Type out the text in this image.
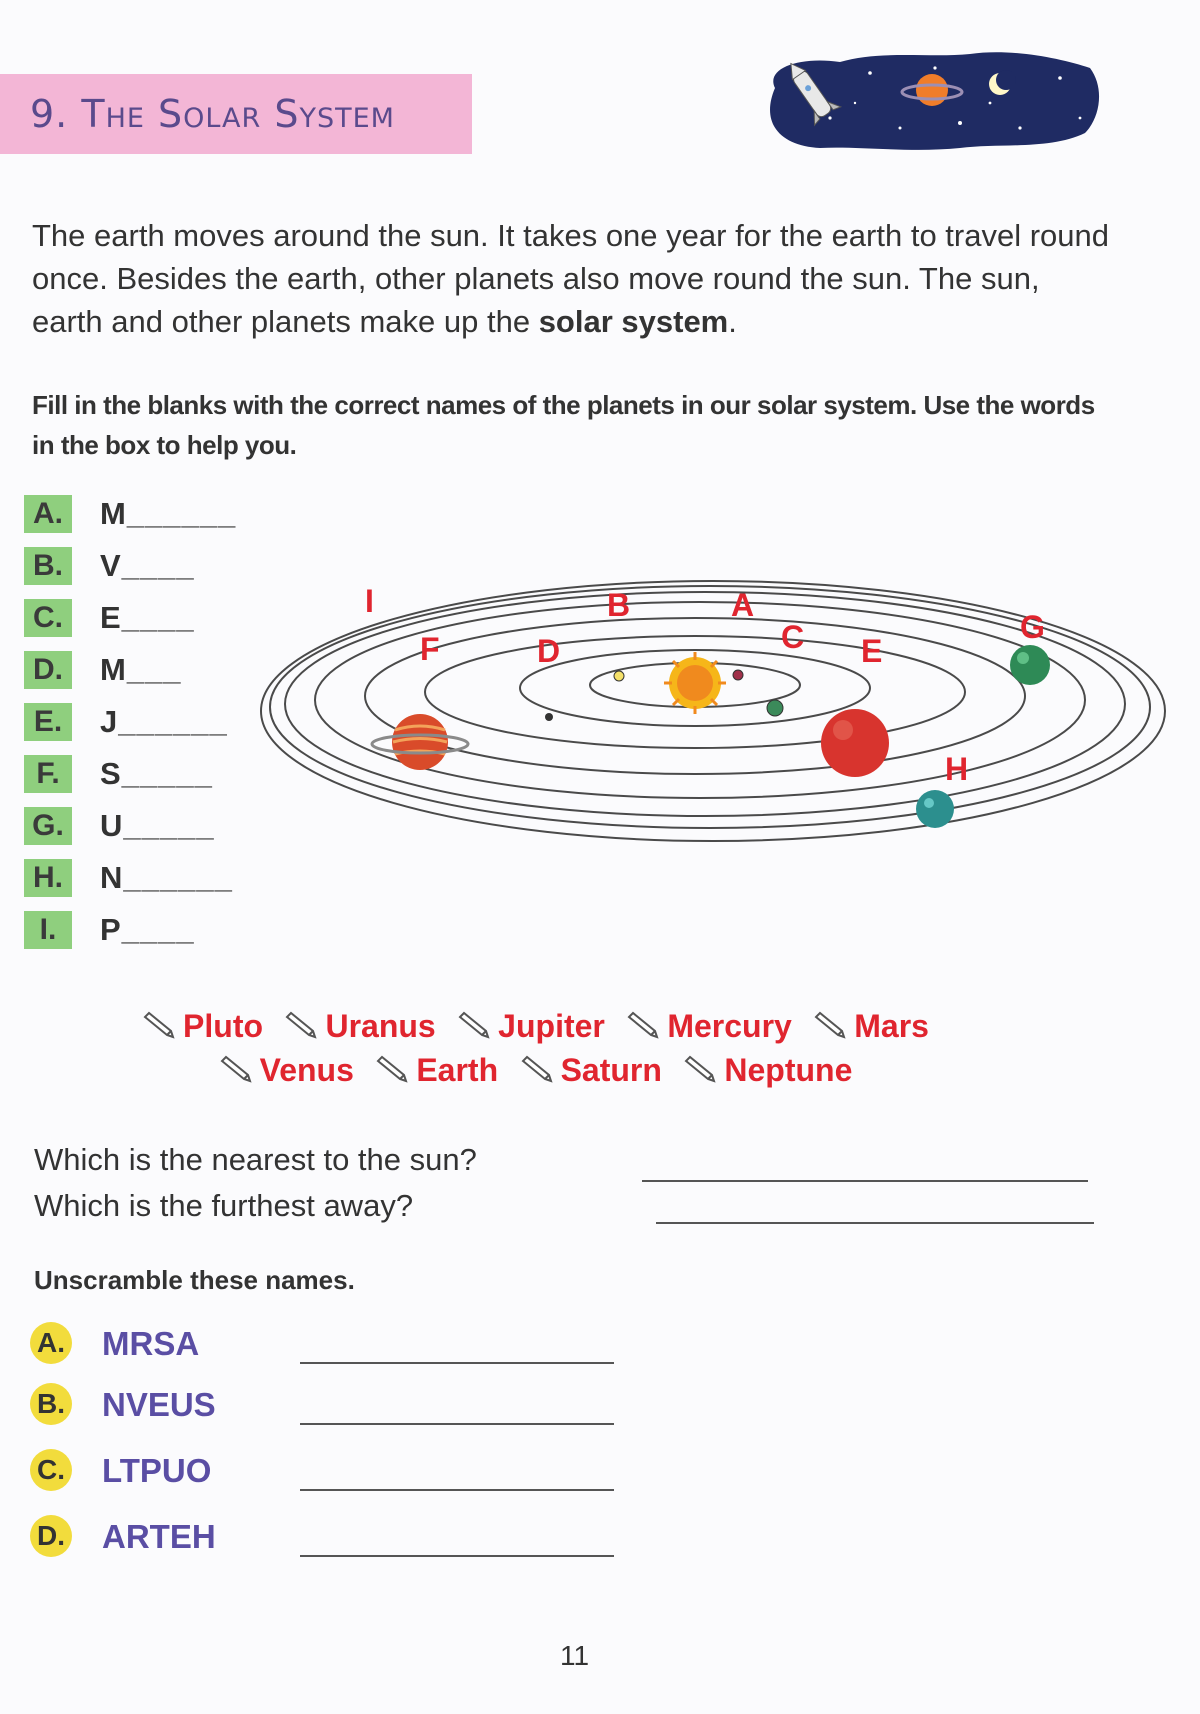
9. The Solar System
The earth moves around the sun. It takes one year for the earth to travel round once. Besides the earth, other planets also move round the sun. The sun, earth and other planets make up the solar system.
Fill in the blanks with the correct names of the planets in our solar system. Use the words in the box to help you.
A. M______
B. V____
C. E____
D. M___
E.	J______
F.	S_____
G. U_____
H. N______
I.	P____
A
B
C
D	E
F
G
H
I
Pluto Uranus Jupiter Mercury Mars
Venus Earth Saturn Neptune
Which is the nearest to the sun?
Which is the furthest away?
Unscramble these names.
A. MRSA
B. NVEUS
C. LTPUO
D. ARTEH
11
